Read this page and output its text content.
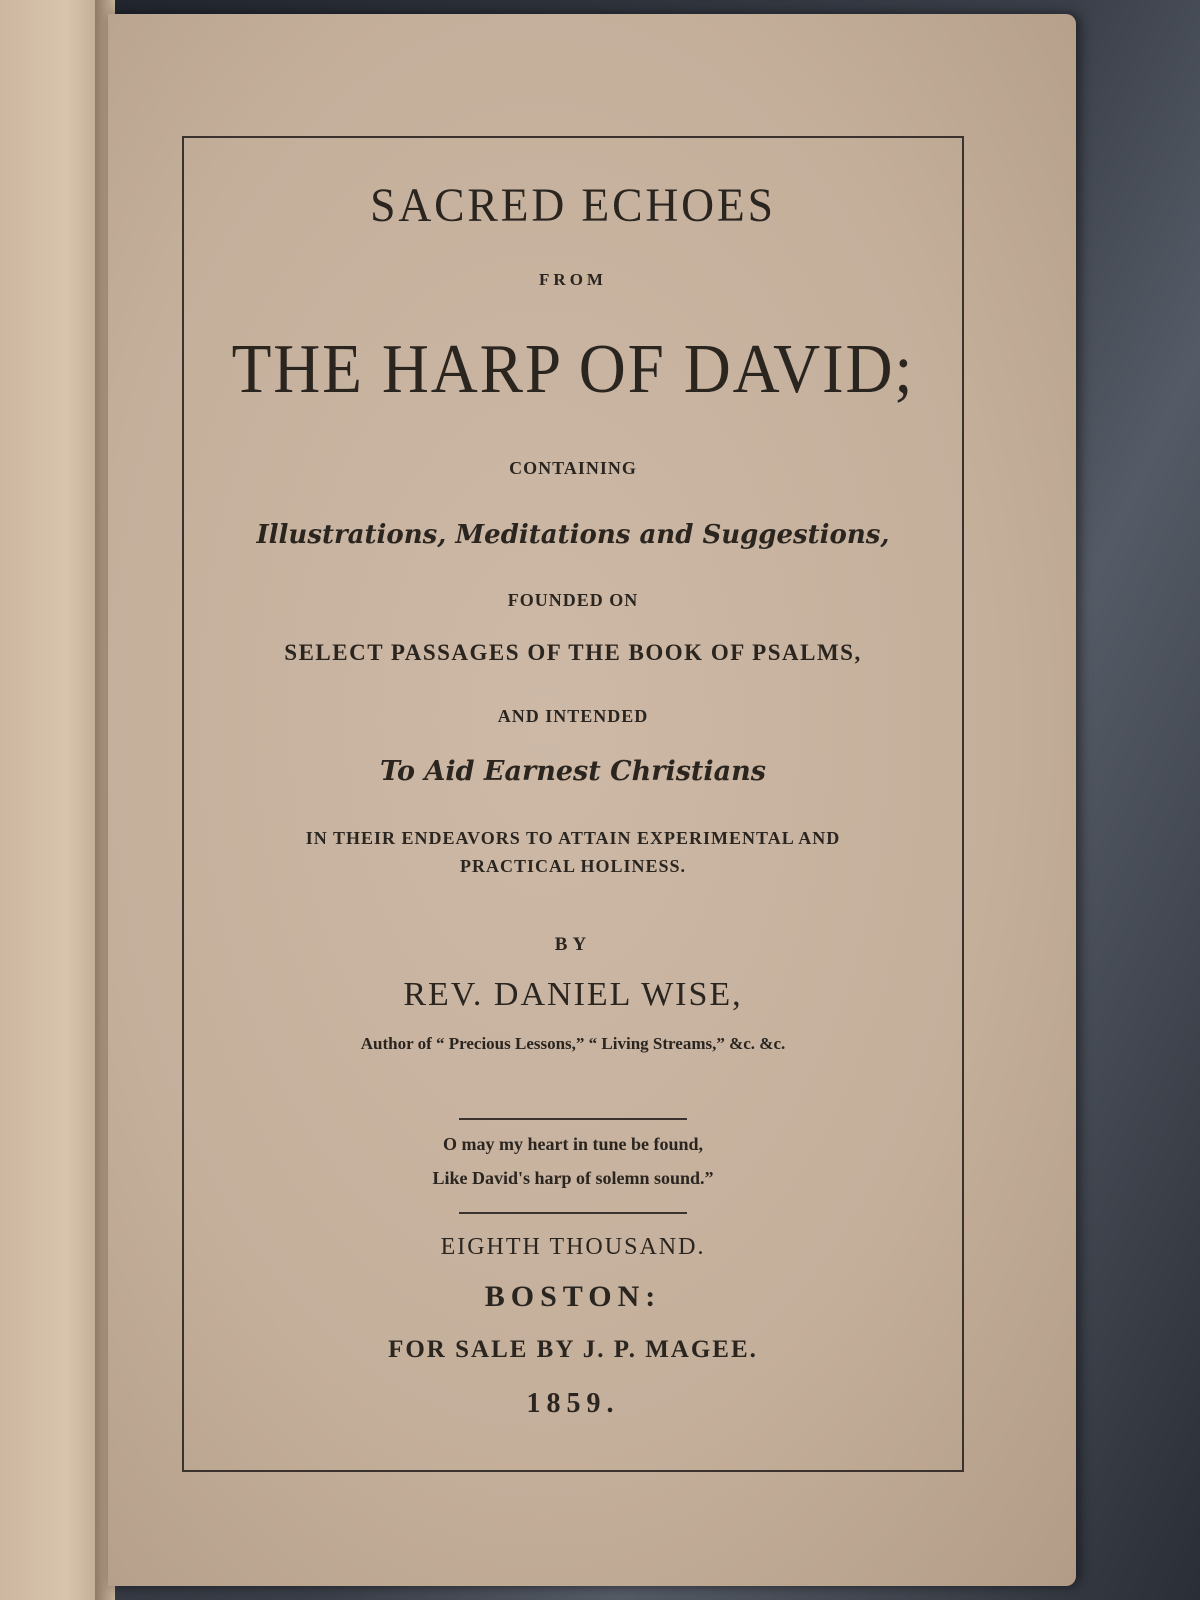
SACRED ECHOES
FROM
THE HARP OF DAVID;
CONTAINING
Illustrations, Meditations and Suggestions,
FOUNDED ON
SELECT PASSAGES OF THE BOOK OF PSALMS,
AND INTENDED
To Aid Earnest Christians
IN THEIR ENDEAVORS TO ATTAIN EXPERIMENTAL AND
PRACTICAL HOLINESS.
BY
REV. DANIEL WISE,
Author of “ Precious Lessons,” “ Living Streams,” &c. &c.
O may my heart in tune be found,
Like David's harp of solemn sound.”
EIGHTH THOUSAND.
BOSTON:
FOR SALE BY J. P. MAGEE.
1859.
